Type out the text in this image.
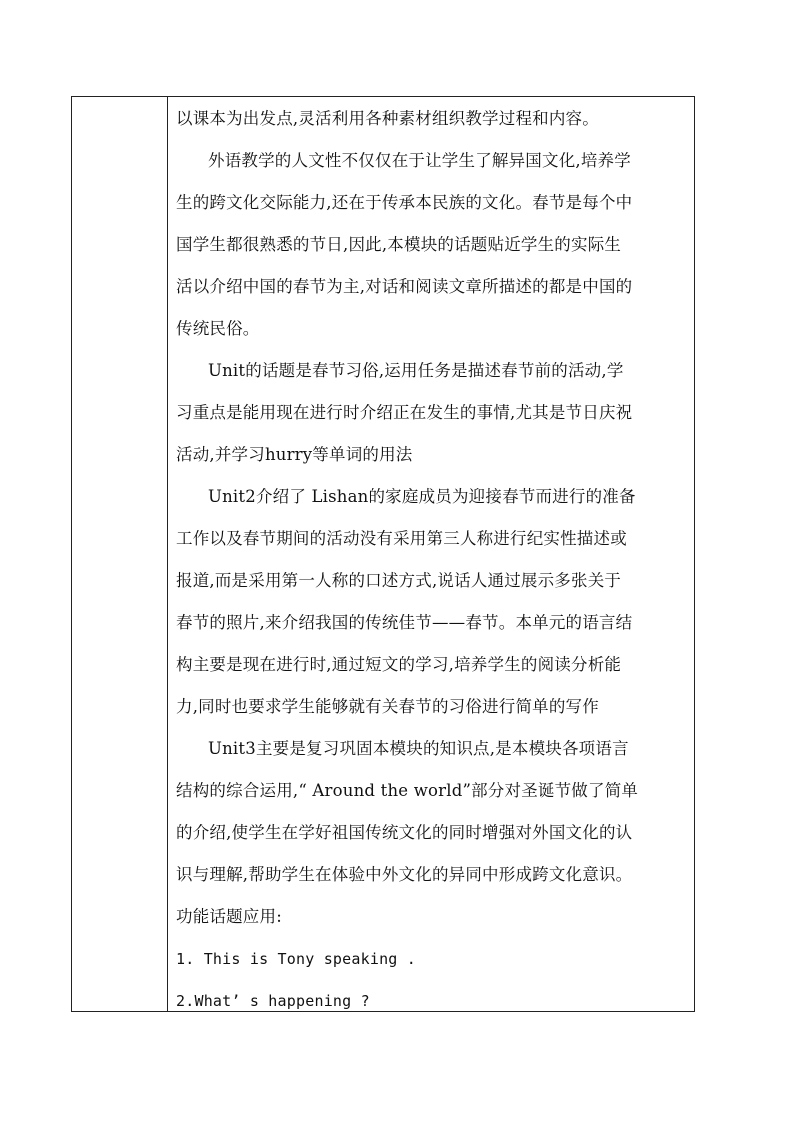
以课本为出发点,灵活利用各种素材组织教学过程和内容。
外语教学的人文性不仅仅在于让学生了解异国文化,培养学
生的跨文化交际能力,还在于传承本民族的文化。春节是每个中
国学生都很熟悉的节日,因此,本模块的话题贴近学生的实际生
活以介绍中国的春节为主,对话和阅读文章所描述的都是中国的
传统民俗。
Unit的话题是春节习俗,运用任务是描述春节前的活动,学
习重点是能用现在进行时介绍正在发生的事情,尤其是节日庆祝
活动,并学习hurry等单词的用法
Unit2介绍了 Lishan的家庭成员为迎接春节而进行的准备
工作以及春节期间的活动没有采用第三人称进行纪实性描述或
报道,而是采用第一人称的口述方式,说话人通过展示多张关于
春节的照片,来介绍我国的传统佳节——春节。本单元的语言结
构主要是现在进行时,通过短文的学习,培养学生的阅读分析能
力,同时也要求学生能够就有关春节的习俗进行简单的写作
Unit3主要是复习巩固本模块的知识点,是本模块各项语言
结构的综合运用,“ Around the world”部分对圣诞节做了简单
的介绍,使学生在学好祖国传统文化的同时增强对外国文化的认
识与理解,帮助学生在体验中外文化的异同中形成跨文化意识。
功能话题应用:
1. This is Tony speaking .
2.What’ s happening ?
